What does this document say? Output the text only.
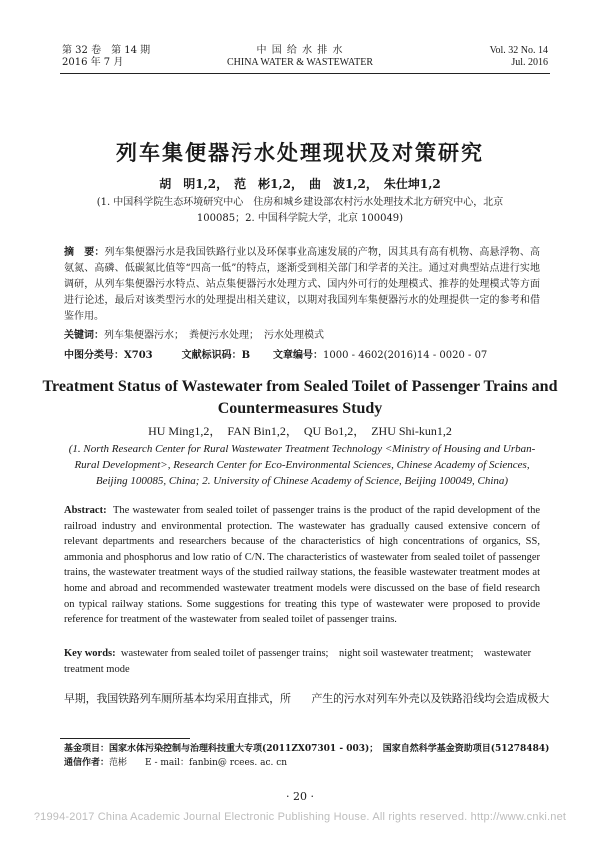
第 32 卷　第 14 期
2016 年 7 月
中 国 给 水 排 水
CHINA WATER & WASTEWATER
Vol. 32 No. 14
Jul. 2016
列车集便器污水处理现状及对策研究
胡　明1,2，　范　彬1,2，　曲　波1,2，　朱仕坤1,2
(1. 中国科学院生态环境研究中心　住房和城乡建设部农村污水处理技术北方研究中心，北京
100085；2. 中国科学院大学，北京 100049)
摘　要：列车集便器污水是我国铁路行业以及环保事业高速发展的产物，因其具有高有机物、高悬浮物、高氨氮、高磷、低碳氮比值等“四高一低”的特点，逐渐受到相关部门和学者的关注。通过对典型站点进行实地调研，从列车集便器污水特点、站点集便器污水处理方式、国内外可行的处理模式、推荐的处理模式等方面进行论述，最后对该类型污水的处理提出相关建议，以期对我国列车集便器污水的处理提供一定的参考和借鉴作用。
关键词：列车集便器污水；　粪便污水处理；　污水处理模式
中图分类号：X703	文献标识码：B 文章编号：1000 - 4602(2016)14 - 0020 - 07
Treatment Status of Wastewater from Sealed Toilet of Passenger Trains and
Countermeasures Study
HU Ming1,2，　FAN Bin1,2，　QU Bo1,2，　ZHU Shi-kun1,2
(1. North Research Center for Rural Wastewater Treatment Technology <Ministry of Housing and Urban-Rural Development>, Research Center for Eco-Environmental Sciences, Chinese Academy of Sciences, Beijing 100085, China; 2. University of Chinese Academy of Science, Beijing 100049, China)
Abstract: The wastewater from sealed toilet of passenger trains is the product of the rapid development of the railroad industry and environmental protection. The wastewater has gradually caused extensive concern of relevant departments and researchers because of the characteristics of high concentrations of organics, SS, ammonia and phosphorus and low ratio of C/N. The characteristics of wastewater from sealed toilet of passenger trains, the wastewater treatment ways of the studied railway stations, the feasible wastewater treatment modes at home and abroad and recommended wastewater treatment models were discussed on the base of field research on typical railway stations. Some suggestions for treating this type of wastewater were proposed to provide reference for treatment of the wastewater from sealed toilet of passenger trains.
Key words: wastewater from sealed toilet of passenger trains;　night soil wastewater treatment;　wastewater treatment mode
早期，我国铁路列车厕所基本均采用直排式，所 产生的污水对列车外壳以及铁路沿线均会造成极大
基金项目：国家水体污染控制与治理科技重大专项(2011ZX07301 - 003)；　国家自然科学基金资助项目(51278484)
通信作者：范彬　　E - mail：fanbin@ rcees. ac. cn
· 20 ·
?1994-2017 China Academic Journal Electronic Publishing House. All rights reserved. http://www.cnki.net
